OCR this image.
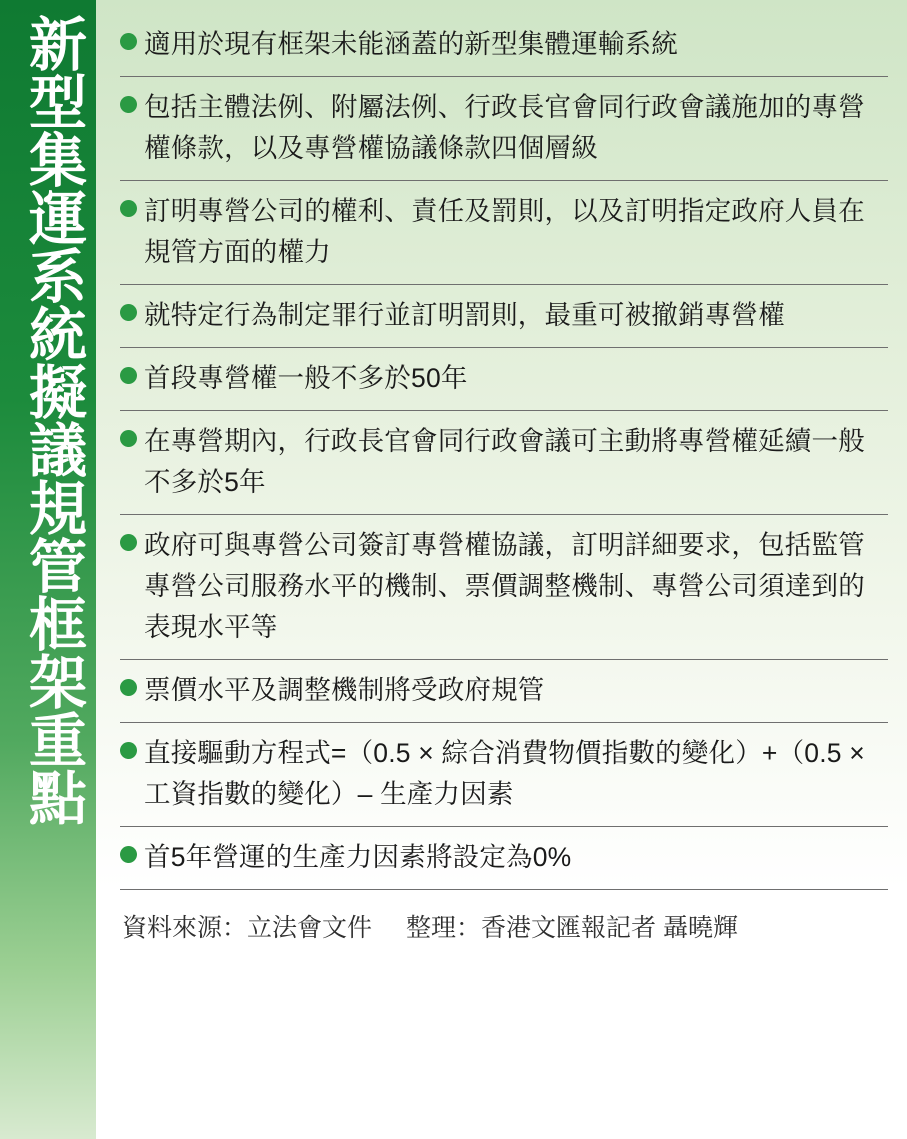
新型集運系統擬議規管框架重點 適用於現有框架未能涵蓋的新型集體運輸系統
包括主體法例、附屬法例、行政長官會同行政會議施加的專營權條款，以及專營權協議條款四個層級
訂明專營公司的權利、責任及罰則，以及訂明指定政府人員在規管方面的權力
就特定行為制定罪行並訂明罰則，最重可被撤銷專營權
首段專營權一般不多於50年
在專營期內，行政長官會同行政會議可主動將專營權延續一般不多於5年
政府可與專營公司簽訂專營權協議，訂明詳細要求，包括監管專營公司服務水平的機制、票價調整機制、專營公司須達到的表現水平等
票價水平及調整機制將受政府規管
直接驅動方程式=（0.5 × 綜合消費物價指數的變化）+（0.5 × 工資指數的變化）– 生產力因素
首5年營運的生產力因素將設定為0%
資料來源：立法會文件 整理：香港文匯報記者 聶曉輝
